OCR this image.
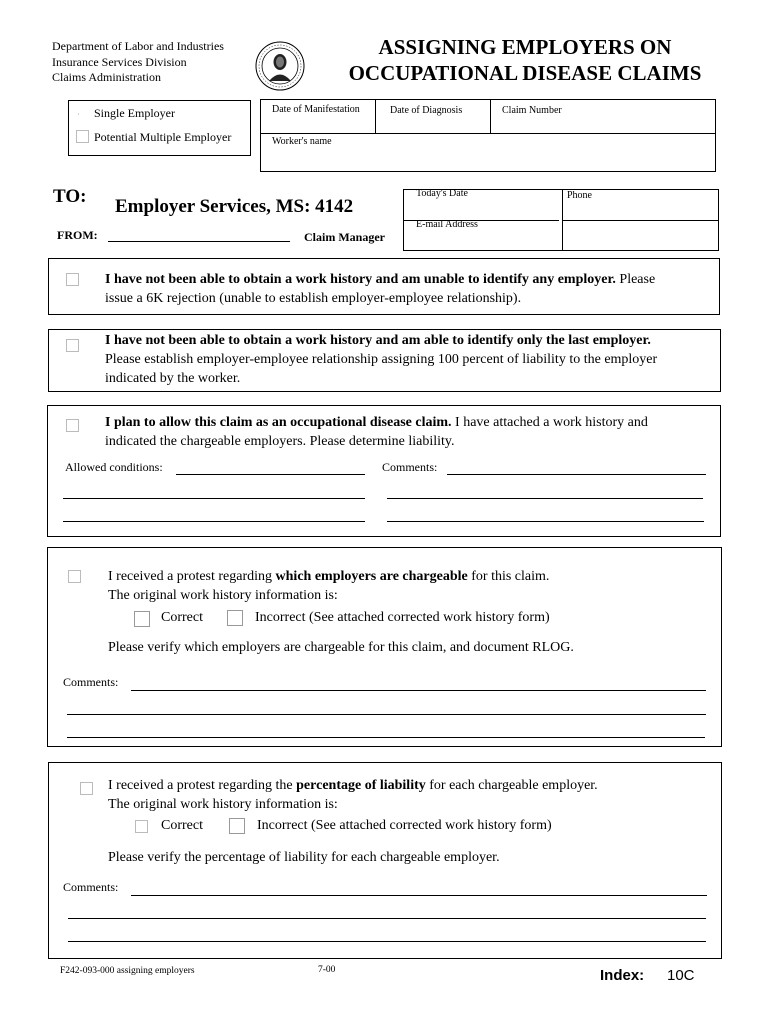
Department of Labor and Industries
Insurance Services Division
Claims Administration
ASSIGNING EMPLOYERS ON
OCCUPATIONAL DISEASE CLAIMS
· Single Employer
Potential Multiple Employer
Date of Manifestation	Date of Diagnosis	Claim Number
Worker's name
TO: Employer Services, MS: 4142
FROM:	Claim Manager
Today's Date
E-mail Address
Phone
I have not been able to obtain a work history and am unable to identify any employer. Please
issue a 6K rejection (unable to establish employer-employee relationship).
I have not been able to obtain a work history and am able to identify only the last employer.
Please establish employer-employee relationship assigning 100 percent of liability to the employer
indicated by the worker.
I plan to allow this claim as an occupational disease claim. I have attached a work history and
indicated the chargeable employers. Please determine liability.
Allowed conditions:	Comments:
I received a protest regarding which employers are chargeable for this claim.
The original work history information is:
Correct	Incorrect (See attached corrected work history form)
Please verify which employers are chargeable for this claim, and document RLOG.
Comments:
I received a protest regarding the percentage of liability for each chargeable employer.
The original work history information is:
Correct	Incorrect (See attached corrected work history form)
Please verify the percentage of liability for each chargeable employer.
Comments:
F242-093-000 assigning employers	7-00	Index: 10C
